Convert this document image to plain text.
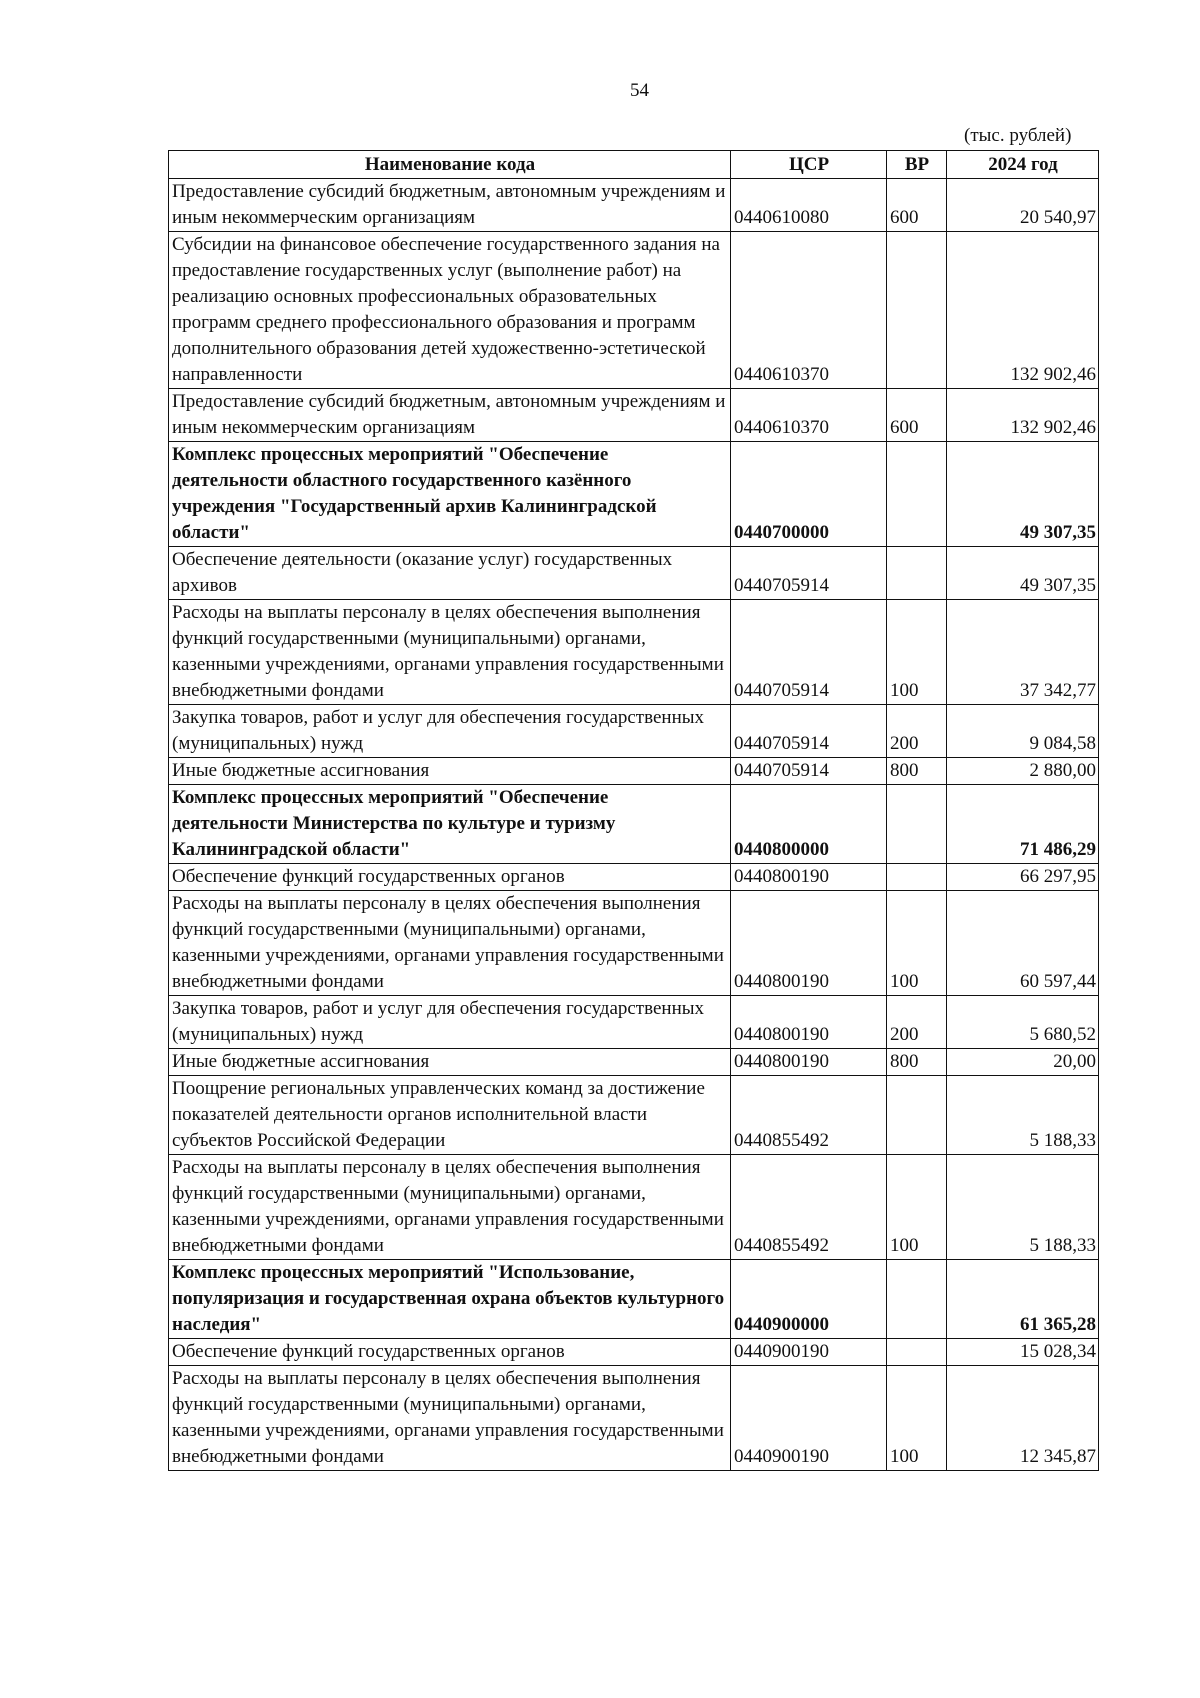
54
(тыс. рублей)
Наименование кода	ЦСР	ВР	2024 год
Предоставление субсидий бюджетным, автономным учреждениям и иным некоммерческим организациям	0440610080	600	20 540,97
Субсидии на финансовое обеспечение государственного задания на предоставление государственных услуг (выполнение работ) на реализацию основных профессиональных образовательных программ среднего профессионального образования и программ дополнительного образования детей художественно-эстетической направленности	0440610370		132 902,46
Предоставление субсидий бюджетным, автономным учреждениям и иным некоммерческим организациям	0440610370	600	132 902,46
Комплекс процессных мероприятий "Обеспечение деятельности областного государственного казённого учреждения "Государственный архив Калининградской области"	0440700000		49 307,35
Обеспечение деятельности (оказание услуг) государственных архивов	0440705914		49 307,35
Расходы на выплаты персоналу в целях обеспечения выполнения функций государственными (муниципальными) органами, казенными учреждениями, органами управления государственными внебюджетными фондами	0440705914	100	37 342,77
Закупка товаров, работ и услуг для обеспечения государственных (муниципальных) нужд	0440705914	200	9 084,58
Иные бюджетные ассигнования	0440705914	800	2 880,00
Комплекс процессных мероприятий "Обеспечение деятельности Министерства по культуре и туризму Калининградской области"	0440800000		71 486,29
Обеспечение функций государственных органов	0440800190		66 297,95
Расходы на выплаты персоналу в целях обеспечения выполнения функций государственными (муниципальными) органами, казенными учреждениями, органами управления государственными внебюджетными фондами	0440800190	100	60 597,44
Закупка товаров, работ и услуг для обеспечения государственных (муниципальных) нужд	0440800190	200	5 680,52
Иные бюджетные ассигнования	0440800190	800	20,00
Поощрение региональных управленческих команд за достижение показателей деятельности органов исполнительной власти субъектов Российской Федерации	0440855492		5 188,33
Расходы на выплаты персоналу в целях обеспечения выполнения функций государственными (муниципальными) органами, казенными учреждениями, органами управления государственными внебюджетными фондами	0440855492	100	5 188,33
Комплекс процессных мероприятий "Использование, популяризация и государственная охрана объектов культурного наследия"	0440900000		61 365,28
Обеспечение функций государственных органов	0440900190		15 028,34
Расходы на выплаты персоналу в целях обеспечения выполнения функций государственными (муниципальными) органами, казенными учреждениями, органами управления государственными внебюджетными фондами	0440900190	100	12 345,87
